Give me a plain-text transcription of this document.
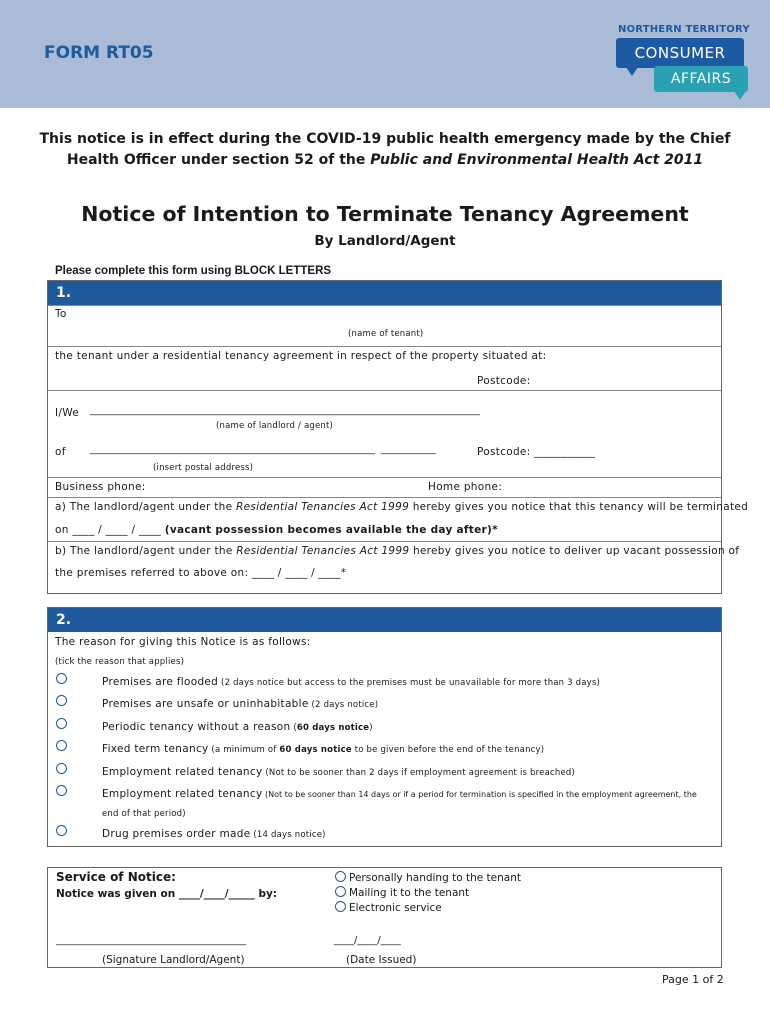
FORM RT05
NORTHERN TERRITORY
CONSUMER
AFFAIRS
This notice is in effect during the COVID-19 public health emergency made by the Chief
Health Officer under section 52 of the Public and Environmental Health Act 2011
Notice of Intention to Terminate Tenancy Agreement
By Landlord/Agent
Please complete this form using BLOCK LETTERS
1.
To
(name of tenant)
the tenant under a residential tenancy agreement in respect of the property situated at:
Postcode:
I/We ______________________________________________________________________________
(name of landlord / agent)
of _________________________________________________________ ___________	Postcode: ___________
(insert postal address)
Business phone:	Home phone:
a) The landlord/agent under the Residential Tenancies Act 1999 hereby gives you notice that this tenancy will be terminated
on ____ / ____ / ____ (vacant possession becomes available the day after)*
b) The landlord/agent under the Residential Tenancies Act 1999 hereby gives you notice to deliver up vacant possession of
the premises referred to above on: ____ / ____ / ____*
2.
The reason for giving this Notice is as follows:
(tick the reason that applies)
Premises are flooded (2 days notice but access to the premises must be unavailable for more than 3 days)
Premises are unsafe or uninhabitable (2 days notice)
Periodic tenancy without a reason (60 days notice)
Fixed term tenancy (a minimum of 60 days notice to be given before the end of the tenancy)
Employment related tenancy (Not to be sooner than 2 days if employment agreement is breached)
Employment related tenancy (Not to be sooner than 14 days or if a period for termination is specified in the employment agreement, the
end of that period)
Drug premises order made (14 days notice)
Service of Notice:
Notice was given on ____/____/_____ by:
Personally handing to the tenant
Mailing it to the tenant
Electronic service
______________________________________
(Signature Landlord/Agent)
____/____/____
(Date Issued)
Page 1 of 2
